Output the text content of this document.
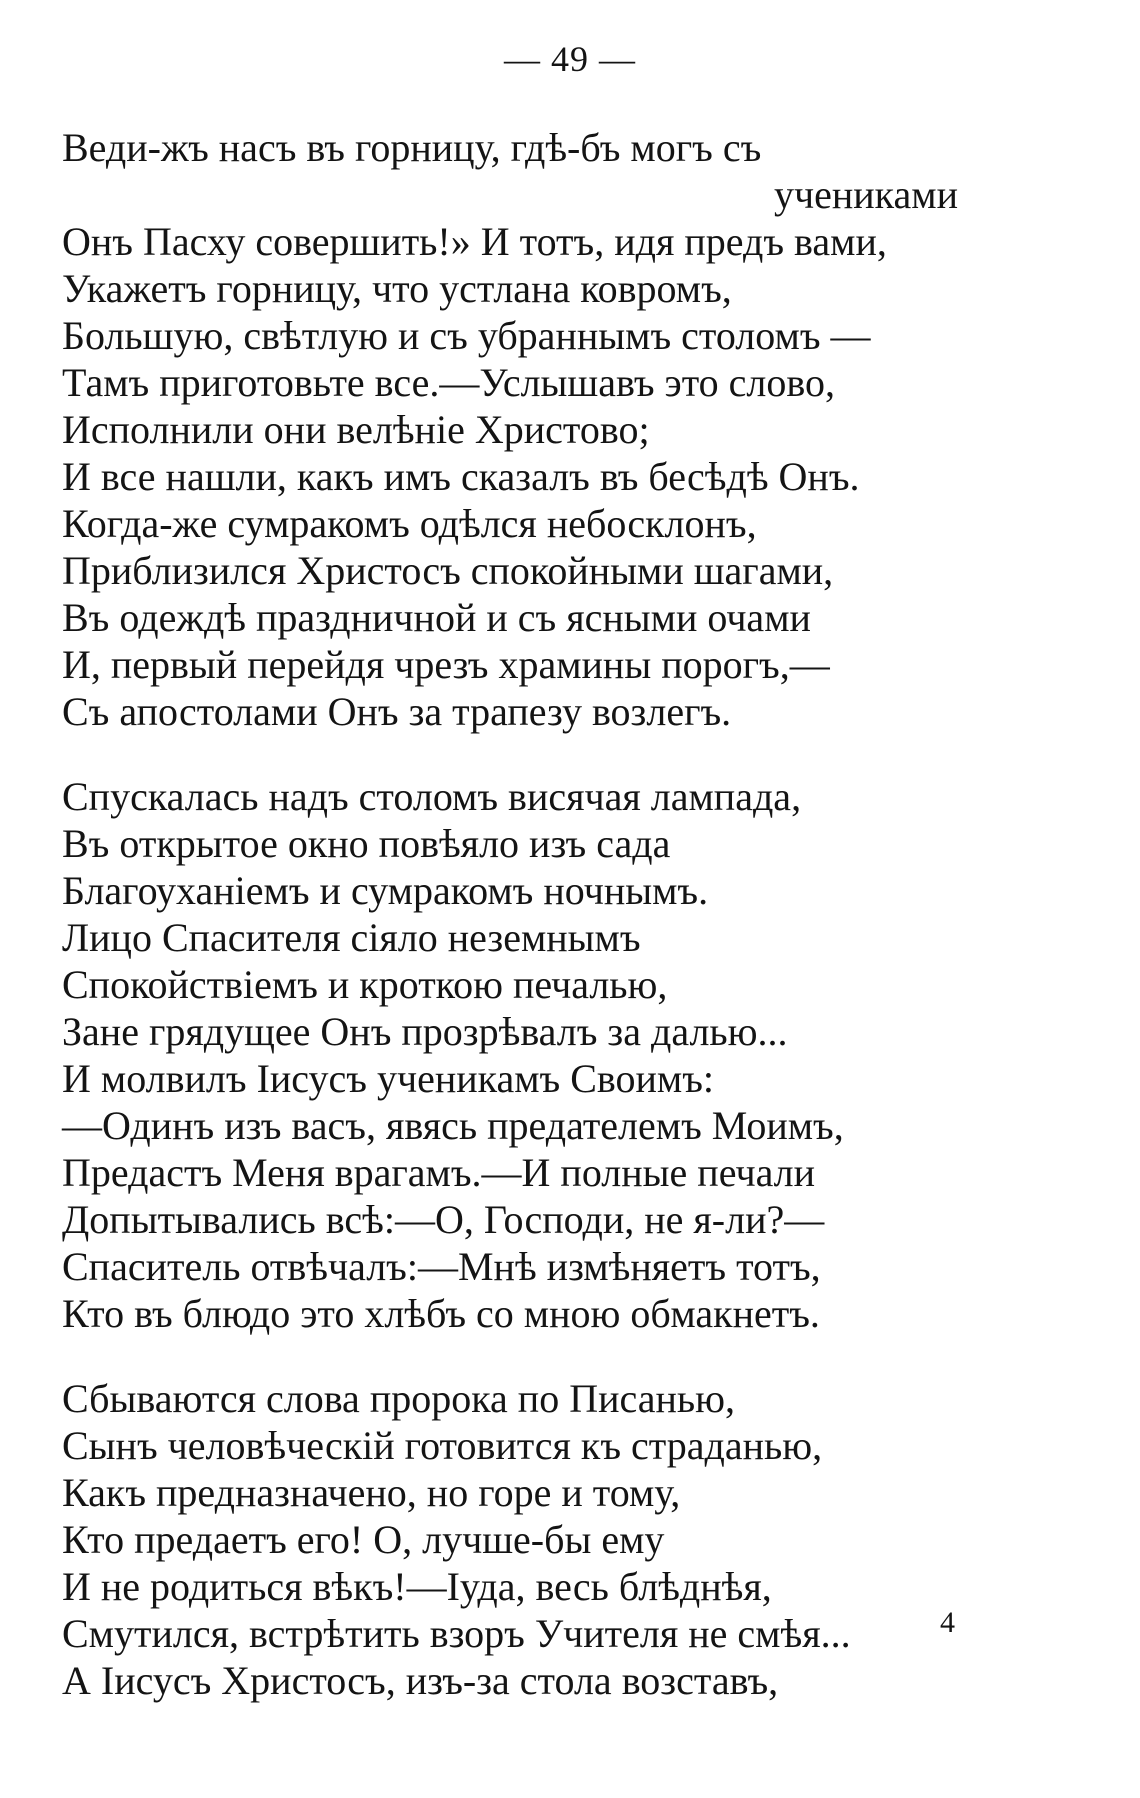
— 49 —
Веди-жъ насъ въ горницу, гдѣ-бъ могъ съ
учениками
Онъ Пасху совершить!» И тотъ, идя предъ вами,
Укажетъ горницу, что устлана ковромъ,
Большую, свѣтлую и съ убраннымъ столомъ —
Тамъ приготовьте все.—Услышавъ это слово,
Исполнили они велѣніе Христово;
И все нашли, какъ имъ сказалъ въ бесѣдѣ Онъ.
Когда-же сумракомъ одѣлся небосклонъ,
Приблизился Христосъ спокойными шагами,
Въ одеждѣ праздничной и съ ясными очами
И, первый перейдя чрезъ храмины порогъ,—
Съ апостолами Онъ за трапезу возлегъ.
Спускалась надъ столомъ висячая лампада,
Въ открытое окно повѣяло изъ сада
Благоуханіемъ и сумракомъ ночнымъ.
Лицо Спасителя сіяло неземнымъ
Спокойствіемъ и кроткою печалью,
Зане грядущее Онъ прозрѣвалъ за далью...
И молвилъ Іисусъ ученикамъ Своимъ:
—Одинъ изъ васъ, явясь предателемъ Моимъ,
Предастъ Меня врагамъ.—И полные печали
Допытывались всѣ:—О, Господи, не я-ли?—
Спаситель отвѣчалъ:—Мнѣ измѣняетъ тотъ,
Кто въ блюдо это хлѣбъ со мною обмакнетъ.
Сбываются слова пророка по Писанью,
Сынъ человѣческій готовится къ страданью,
Какъ предназначено, но горе и тому,
Кто предаетъ его! О, лучше-бы ему
И не родиться вѣкъ!—Іуда, весь блѣднѣя,
Смутился, встрѣтить взоръ Учителя не смѣя...
А Іисусъ Христосъ, изъ-за стола возставъ,
4
